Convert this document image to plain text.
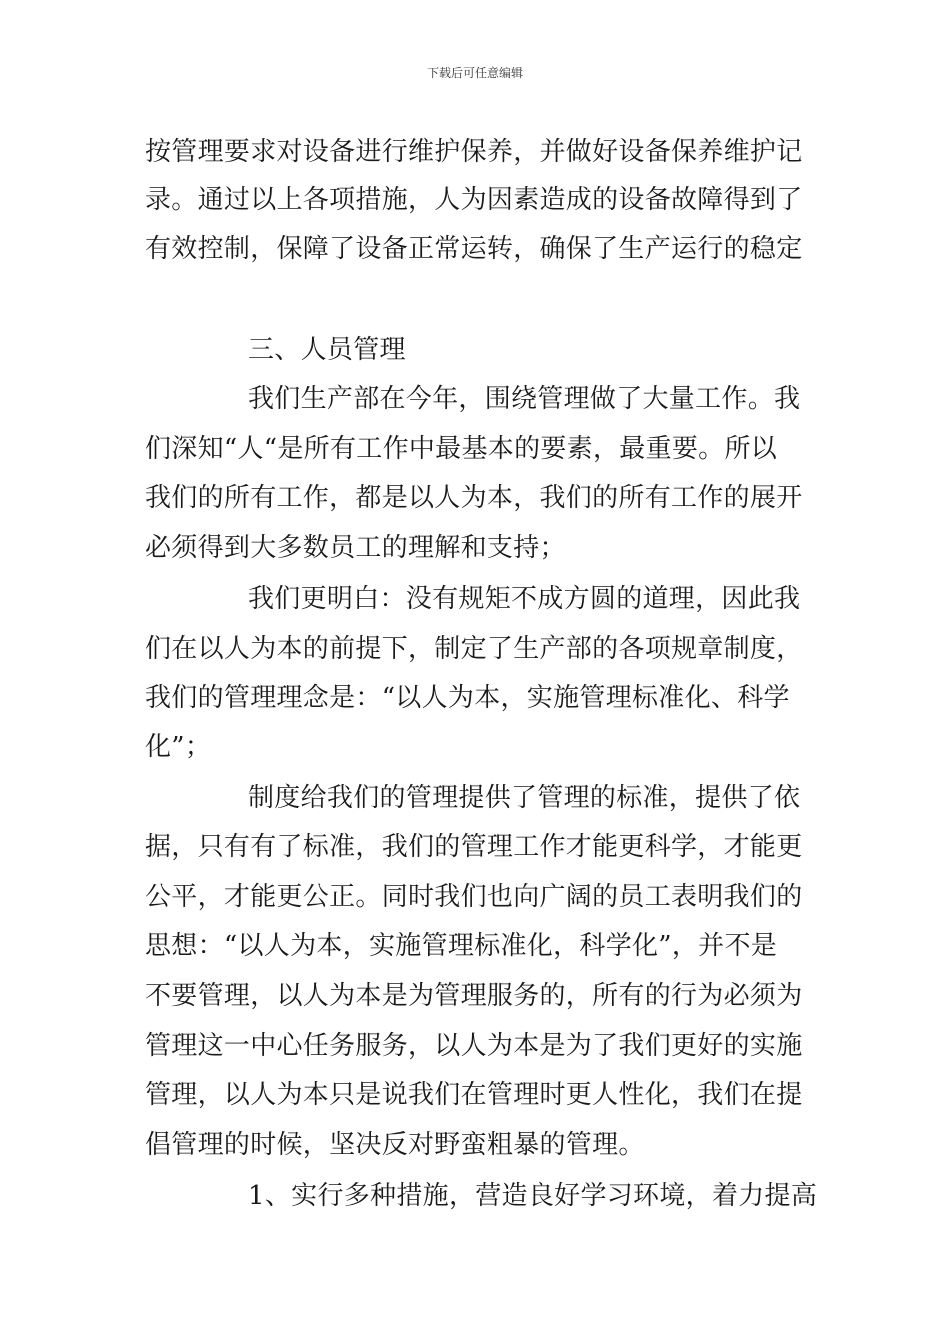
下载后可任意编辑
按管理要求对设备进行维护保养，并做好设备保养维护记
录。通过以上各项措施，人为因素造成的设备故障得到了
有效控制，保障了设备正常运转，确保了生产运行的稳定
三、人员管理
我们生产部在今年，围绕管理做了大量工作。我
们深知“人“是所有工作中最基本的要素，最重要。所以
我们的所有工作，都是以人为本，我们的所有工作的展开
必须得到大多数员工的理解和支持；
我们更明白：没有规矩不成方圆的道理，因此我
们在以人为本的前提下，制定了生产部的各项规章制度，
我们的管理理念是：“以人为本，实施管理标准化、科学
化”；
制度给我们的管理提供了管理的标准，提供了依
据，只有有了标准，我们的管理工作才能更科学，才能更
公平，才能更公正。同时我们也向广阔的员工表明我们的
思想：“以人为本，实施管理标准化，科学化”，并不是
不要管理，以人为本是为管理服务的，所有的行为必须为
管理这一中心任务服务，以人为本是为了我们更好的实施
管理，以人为本只是说我们在管理时更人性化，我们在提
倡管理的时候，坚决反对野蛮粗暴的管理。
1、实行多种措施，营造良好学习环境，着力提高
